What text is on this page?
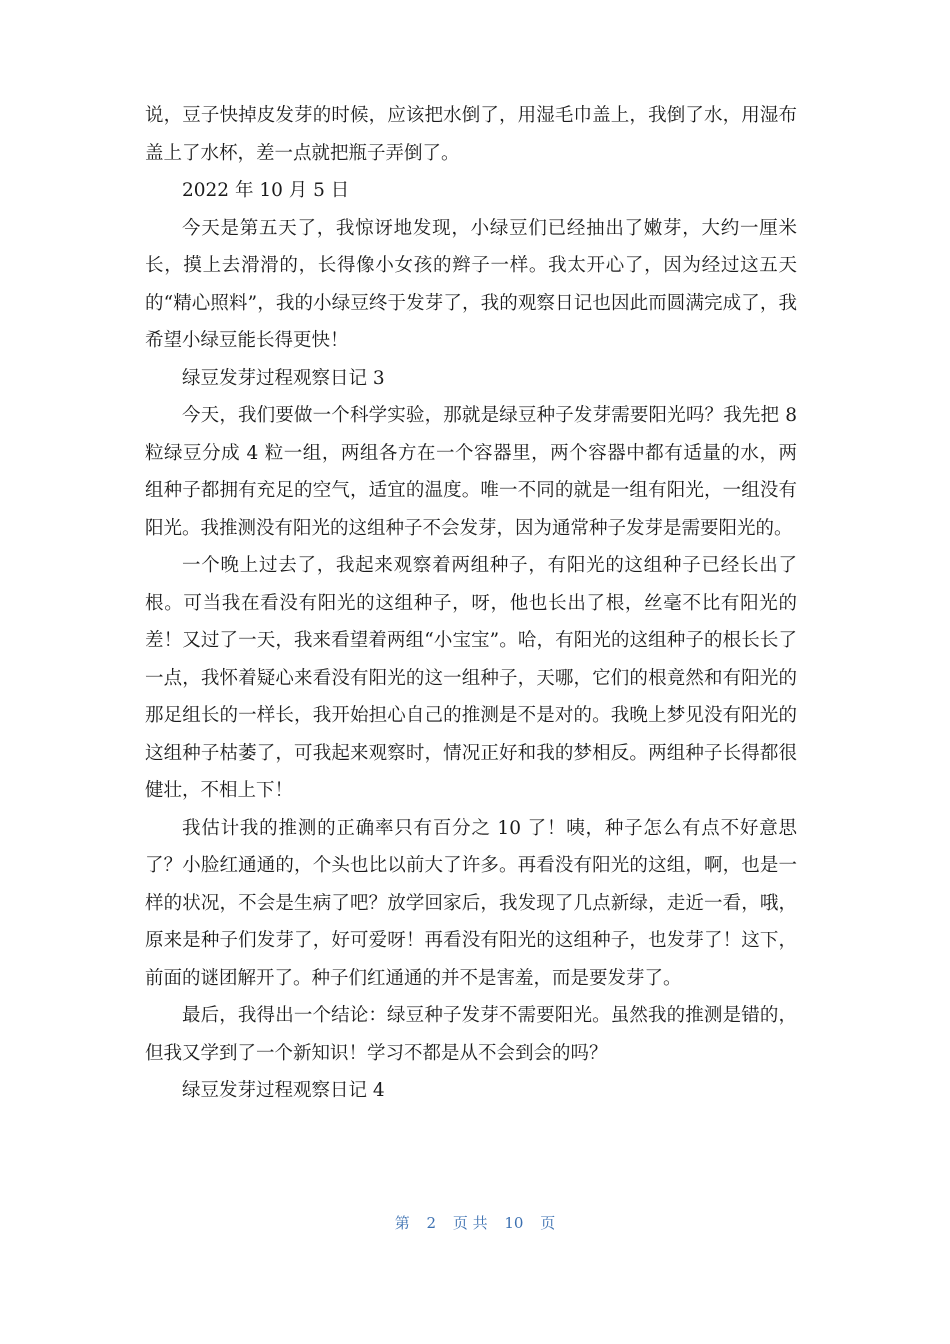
说，豆子快掉皮发芽的时候，应该把水倒了，用湿毛巾盖上，我倒了水，用湿布盖上了水杯，差一点就把瓶子弄倒了。

2022 年 10 月 5 日

今天是第五天了，我惊讶地发现，小绿豆们已经抽出了嫩芽，大约一厘米长，摸上去滑滑的，长得像小女孩的辫子一样。我太开心了，因为经过这五天的“精心照料”，我的小绿豆终于发芽了，我的观察日记也因此而圆满完成了，我希望小绿豆能长得更快！

绿豆发芽过程观察日记 3

今天，我们要做一个科学实验，那就是绿豆种子发芽需要阳光吗？我先把 8 粒绿豆分成 4 粒一组，两组各方在一个容器里，两个容器中都有适量的水，两组种子都拥有充足的空气，适宜的温度。唯一不同的就是一组有阳光，一组没有阳光。我推测没有阳光的这组种子不会发芽，因为通常种子发芽是需要阳光的。

一个晚上过去了，我起来观察着两组种子，有阳光的这组种子已经长出了根。可当我在看没有阳光的这组种子，呀，他也长出了根，丝毫不比有阳光的差！又过了一天，我来看望着两组“小宝宝”。哈，有阳光的这组种子的根长长了一点，我怀着疑心来看没有阳光的这一组种子，天哪，它们的根竟然和有阳光的那足组长的一样长，我开始担心自己的推测是不是对的。我晚上梦见没有阳光的这组种子枯萎了，可我起来观察时，情况正好和我的梦相反。两组种子长得都很健壮，不相上下！

我估计我的推测的正确率只有百分之 10 了！咦，种子怎么有点不好意思了？小脸红通通的，个头也比以前大了许多。再看没有阳光的这组，啊，也是一样的状况，不会是生病了吧？放学回家后，我发现了几点新绿，走近一看，哦，原来是种子们发芽了，好可爱呀！再看没有阳光的这组种子，也发芽了！这下，前面的谜团解开了。种子们红通通的并不是害羞，而是要发芽了。

最后，我得出一个结论：绿豆种子发芽不需要阳光。虽然我的推测是错的，但我又学到了一个新知识！学习不都是从不会到会的吗？

绿豆发芽过程观察日记 4

第 2 页 共 10 页
